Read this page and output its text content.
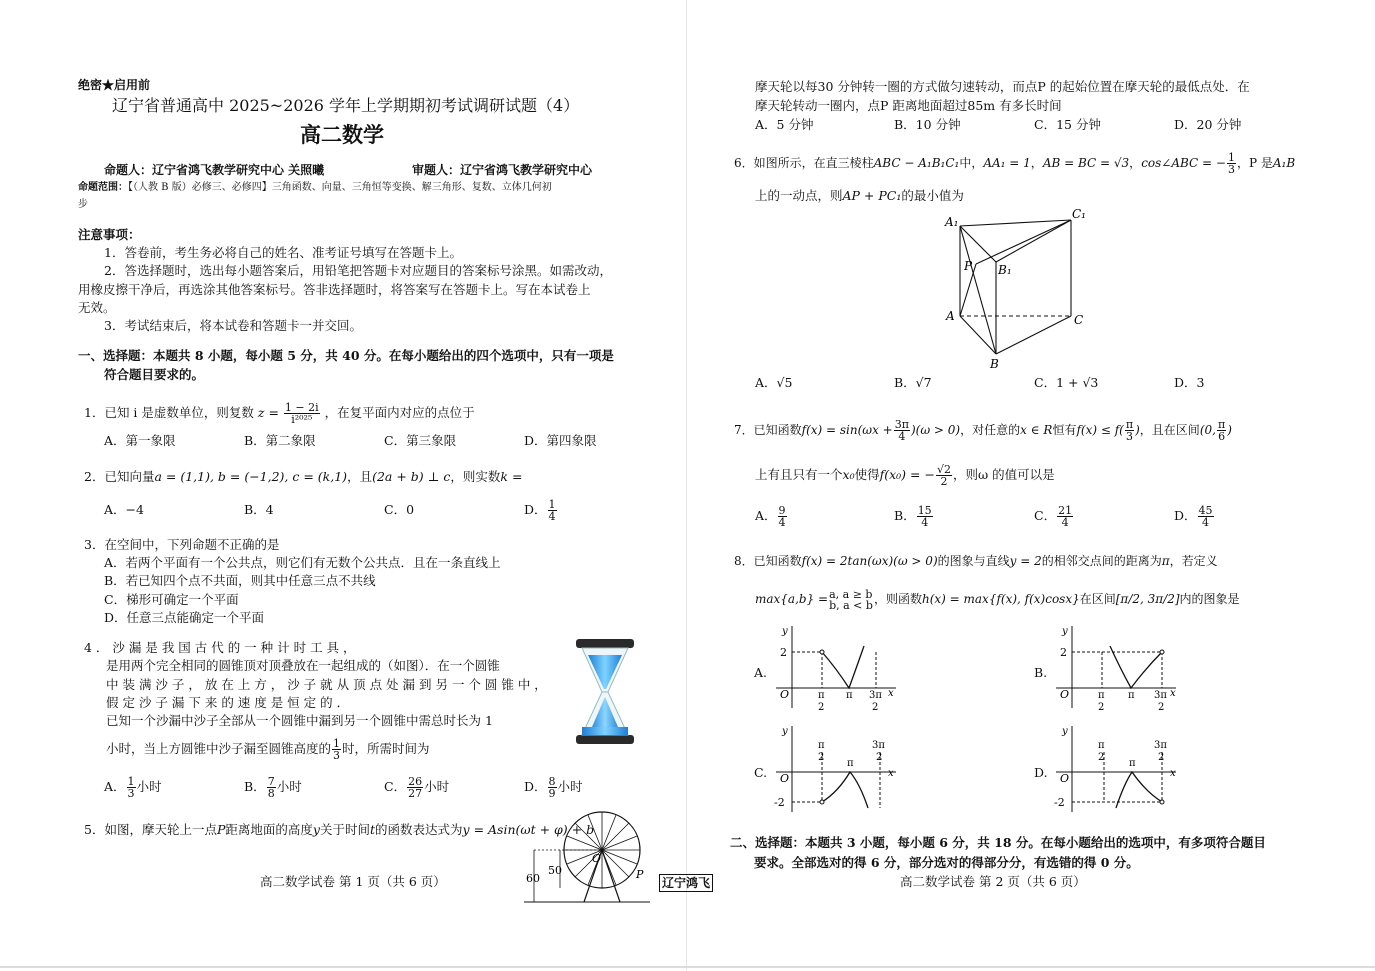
绝密★启用前
辽宁省普通高中 2025~2026 学年上学期期初考试调研试题（4）
高二数学
命题人：辽宁省鸿飞教学研究中心 关照曦	审题人：辽宁省鸿飞教学研究中心
命题范围：【（人教 B 版）必修三、必修四】三角函数、向量、三角恒等变换、解三角形、复数、立体几何初
步
注意事项：
1．答卷前，考生务必将自己的姓名、准考证号填写在答题卡上。
2．答选择题时，选出每小题答案后，用铅笔把答题卡对应题目的答案标号涂黑。如需改动，
用橡皮擦干净后，再选涂其他答案标号。答非选择题时，将答案写在答题卡上。写在本试卷上
无效。
3．考试结束后，将本试卷和答题卡一并交回。
一、选择题：本题共 8 小题，每小题 5 分，共 40 分。在每小题给出的四个选项中，只有一项是
符合题目要求的。
1．已知 i 是虚数单位，则复数 $z = \frac{1 - 2i}{\text{i²⁰²⁵}}$ ，在复平面内对应的点位于
A．第一象限	B．第二象限	C．第三象限	D．第四象限
2．已知向量a = (1,1), b = (−1,2), c = (k,1)，且(2a + b) ⊥ c，则实数k =
A．−4	B．4	C．0	D． $\frac{1}{4}$
3．在空间中，下列命题不正确的是
A．若两个平面有一个公共点，则它们有无数个公共点．且在一条直线上
B．若已知四个点不共面，则其中任意三点不共线
C．梯形可确定一个平面
D．任意三点能确定一个平面
4 ． 沙 漏 是 我 国 古 代 的 一 种 计 时 工 具 ，
是用两个完全相同的圆锥顶对顶叠放在一起组成的（如图）．在一个圆锥
中 装 满 沙 子 ， 放 在 上 方 ， 沙 子 就 从 顶 点 处 漏 到 另 一 个 圆 锥 中 ，
假 定 沙 子 漏 下 来 的 速 度 是 恒 定 的 ．
已知一个沙漏中沙子全部从一个圆锥中漏到另一个圆锥中需总时长为 1
小时，当上方圆锥中沙子漏至圆锥高度的 $\frac{1}{3}$ 时，所需时间为
A． $\frac{1}{3}$ 小时	B． $\frac{7}{8}$ 小时	C． $\frac{26}{27}$ 小时	D． $\frac{8}{9}$ 小时
5．如图，摩天轮上一点P距离地面的高度y关于时间t的函数表达式为y = Asin(ωt + φ) + b
60
50
O
P
高二数学试卷 第 1 页（共 6 页）	辽宁鸿飞
摩天轮以每30 分钟转一圈的方式做匀速转动，而点P 的起始位置在摩天轮的最低点处．在
摩天轮转动一圈内，点P 距离地面超过85m 有多长时间
A．5 分钟	B．10 分钟	C．15 分钟	D．20 分钟
6．如图所示，在直三棱柱ABC − A₁B₁C₁中，AA₁ = 1，AB = BC = √3，cos∠ABC = − $\frac{1}{3}$ ，P 是A₁B
上的一动点，则AP + PC₁的最小值为
A₁
C₁
B₁
P
A
B
C
A．√5	B．√7	C．1 + √3	D．3
7．已知函数$f(x) = \sin(\omega x + \frac{3\pi}{4} )(\omega > 0)$，对任意的x ∈ R恒有$f(x) \le f( \frac{\pi}{3}$ )，且在区间(0, $\frac{\pi}{6}$ )
上有且只有一个x₀使得f(x₀) = − $\frac{√2}{2}$ ，则ω 的值可以是
A． $\frac{9}{4}$	B． $\frac{15}{4}$	C． $\frac{21}{4}$	D． $\frac{45}{4}$
8．已知函数f(x) = 2tan(ωx)(ω > 0)的图象与直线y = 2的相邻交点间的距离为π，若定义
max{a,b} = a, a ≥ b
b, a < b ，则函数h(x) = max{f(x), f(x)cosx}在区间[π/2, 3π/2]内的图象是
A.	B.
C.	D.
y
x
O
2
π
2
π 3π
2
y
x
O
2
π
2
π 3π
2
y
x
O
-2
π
2
π
3π
2
y
x
O
-2
π
2
π
3π
2
二、选择题：本题共 3 小题，每小题 6 分，共 18 分。在每小题给出的选项中，有多项符合题目
要求。全部选对的得 6 分，部分选对的得部分分，有选错的得 0 分。
高二数学试卷 第 2 页（共 6 页）
